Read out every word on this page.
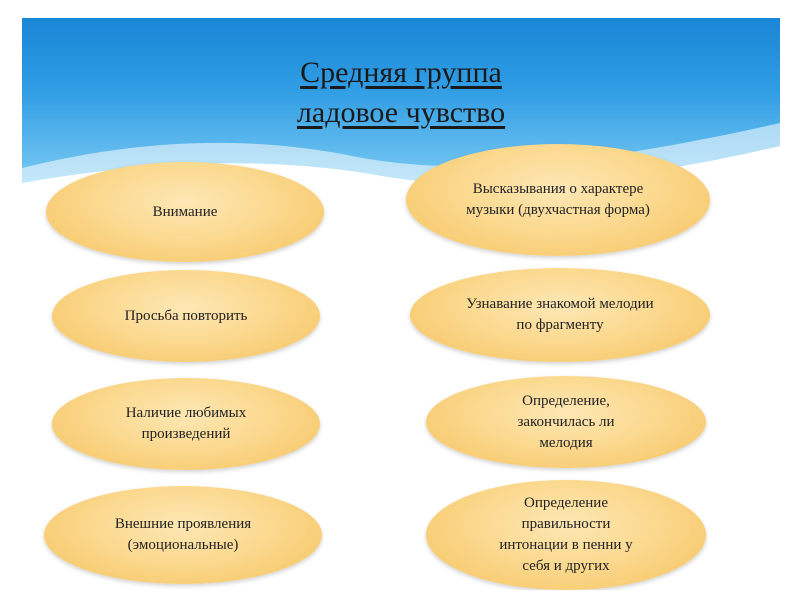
Средняя группа
ладовое чувство
Внимание
Просьба повторить
Наличие любимых произведений
Внешние проявления (эмоциональные)
Высказывания о характере музыки (двухчастная форма)
Узнавание знакомой мелодии по фрагменту
Определение, закончилась ли мелодия
Определение правильности интонации в пенни у себя и других
